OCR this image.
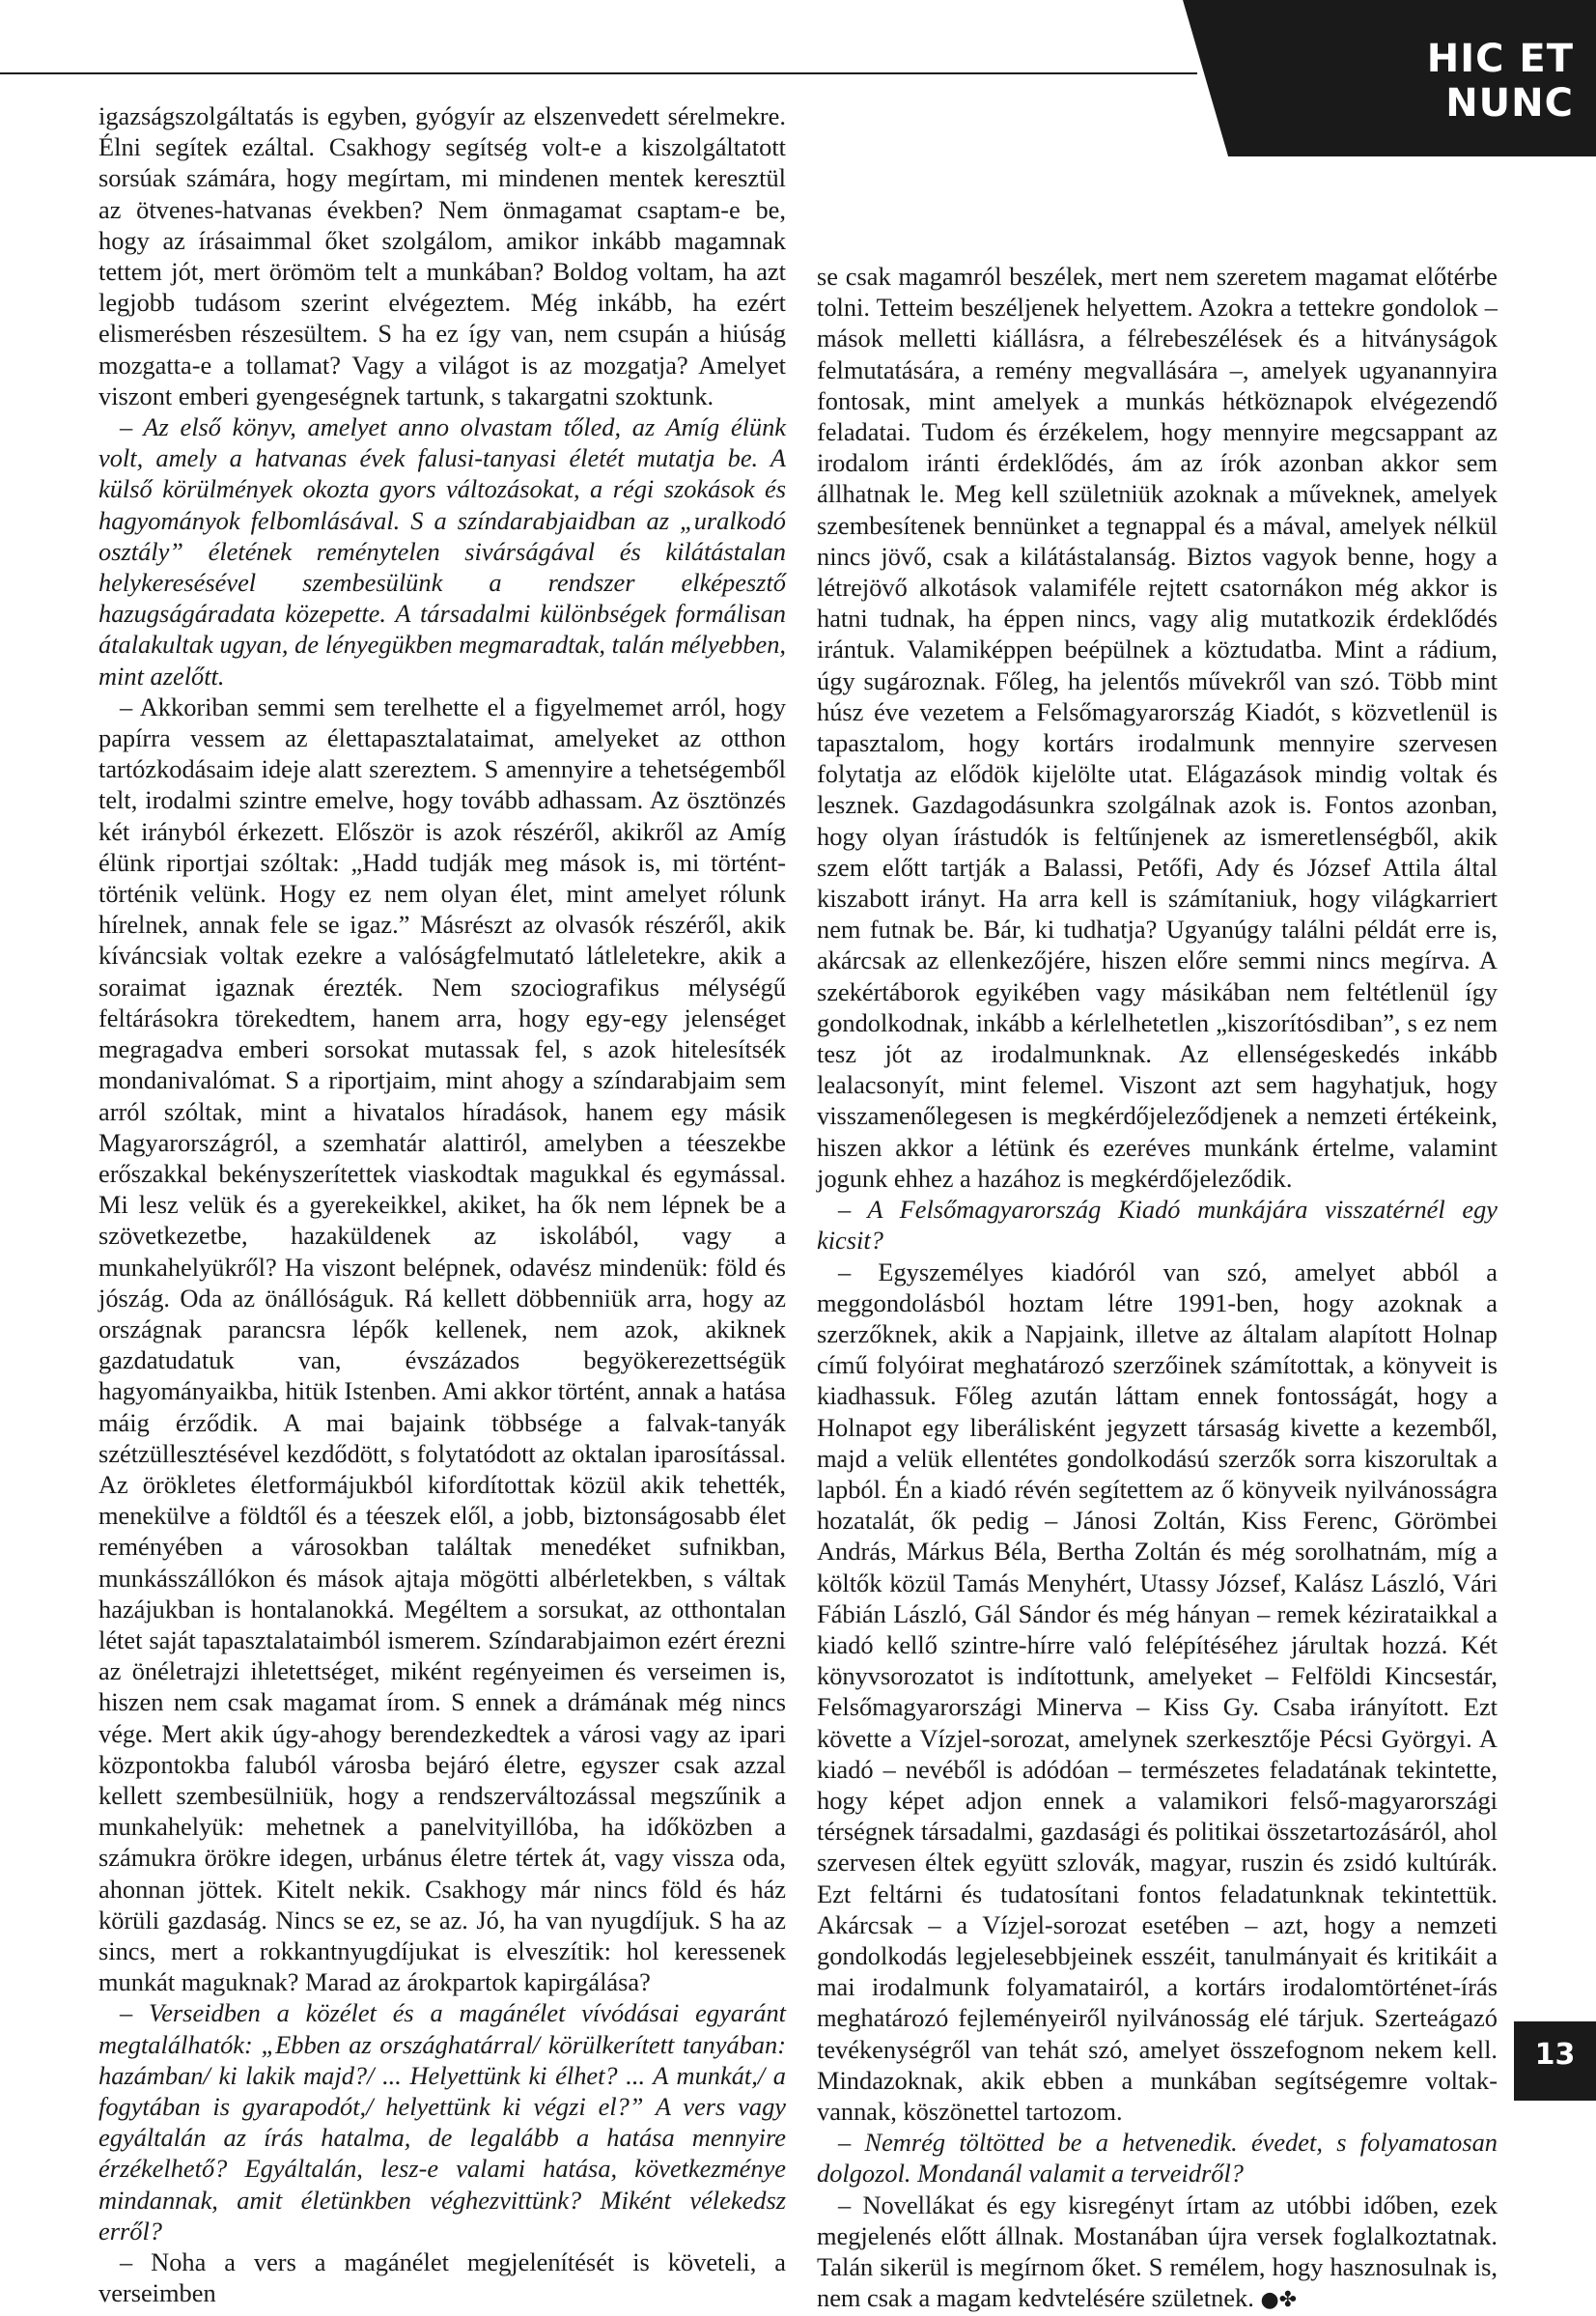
HIC ET NUNC

igazságszolgáltatás is egyben, gyógyír az elszenvedett sérelmekre. Élni segítek ezáltal. Csakhogy segítség volt-e a kiszolgáltatott sorsúak számára, hogy megírtam, mi mindenen mentek keresztül az ötvenes-hatvanas években? Nem önmagamat csaptam-e be, hogy az írásaimmal őket szolgálom, amikor inkább magamnak tettem jót, mert örömöm telt a munkában? Boldog voltam, ha azt legjobb tudásom szerint elvégeztem. Még inkább, ha ezért elismerésben részesültem. S ha ez így van, nem csupán a hiúság mozgatta-e a tollamat? Vagy a világot is az mozgatja? Amelyet viszont emberi gyengeségnek tartunk, s takargatni szoktunk.

– Az első könyv, amelyet anno olvastam tőled, az Amíg élünk volt, amely a hatvanas évek falusi-tanyasi életét mutatja be. A külső körülmények okozta gyors változásokat, a régi szokások és hagyományok felbomlásával. S a színdarabjaidban az „uralkodó osztály” életének reménytelen sivárságával és kilátástalan helykeresésével szembesülünk a rendszer elképesztő hazugságáradata közepette. A társadalmi különbségek formálisan átalakultak ugyan, de lényegükben megmaradtak, talán mélyebben, mint azelőtt.

– Akkoriban semmi sem terelhette el a figyelmemet arról, hogy papírra vessem az élettapasztalataimat, amelyeket az otthon tartózkodásaim ideje alatt szereztem. S amennyire a tehetségemből telt, irodalmi szintre emelve, hogy tovább adhassam. Az ösztönzés két irányból érkezett. Először is azok részéről, akikről az Amíg élünk riportjai szóltak: „Hadd tudják meg mások is, mi történt-történik velünk. Hogy ez nem olyan élet, mint amelyet rólunk hírelnek, annak fele se igaz.” Másrészt az olvasók részéről, akik kíváncsiak voltak ezekre a valóságfelmutató látleletekre, akik a soraimat igaznak érezték. Nem szociografikus mélységű feltárásokra törekedtem, hanem arra, hogy egy-egy jelenséget megragadva emberi sorsokat mutassak fel, s azok hitelesítsék mondanivalómat. S a riportjaim, mint ahogy a színdarabjaim sem arról szóltak, mint a hivatalos híradások, hanem egy másik Magyarországról, a szemhatár alattiról, amelyben a téeszekbe erőszakkal bekényszerítettek viaskodtak magukkal és egymással. Mi lesz velük és a gyerekeikkel, akiket, ha ők nem lépnek be a szövetkezetbe, hazaküldenek az iskolából, vagy a munkahelyükről? Ha viszont belépnek, odavész mindenük: föld és jószág. Oda az önállóságuk. Rá kellett döbbenniük arra, hogy az országnak parancsra lépők kellenek, nem azok, akiknek gazdatudatuk van, évszázados begyökerezettségük hagyományaikba, hitük Istenben. Ami akkor történt, annak a hatása máig érződik. A mai bajaink többsége a falvak-tanyák szétzüllesztésével kezdődött, s folytatódott az oktalan iparosítással. Az örökletes életformájukból kifordítottak közül akik tehették, menekülve a földtől és a téeszek elől, a jobb, biztonságosabb élet reményében a városokban találtak menedéket sufnikban, munkásszállókon és mások ajtaja mögötti albérletekben, s váltak hazájukban is hontalanokká. Megéltem a sorsukat, az otthontalan létet saját tapasztalataimból ismerem. Színdarabjaimon ezért érezni az önéletrajzi ihletettséget, miként regényeimen és verseimen is, hiszen nem csak magamat írom. S ennek a drámának még nincs vége. Mert akik úgy-ahogy berendezkedtek a városi vagy az ipari központokba faluból városba bejáró életre, egyszer csak azzal kellett szembesülniük, hogy a rendszerváltozással megszűnik a munkahelyük: mehetnek a panelvityillóba, ha időközben a számukra örökre idegen, urbánus életre tértek át, vagy vissza oda, ahonnan jöttek. Kitelt nekik. Csakhogy már nincs föld és ház körüli gazdaság. Nincs se ez, se az. Jó, ha van nyugdíjuk. S ha az sincs, mert a rokkantnyugdíjukat is elveszítik: hol keressenek munkát maguknak? Marad az árokpartok kapirgálása?

– Verseidben a közélet és a magánélet vívódásai egyaránt megtalálhatók: „Ebben az országhatárral/ körülkerített tanyában: hazámban/ ki lakik majd?/ ... Helyettünk ki élhet? ... A munkát,/ a fogytában is gyarapodót,/ helyettünk ki végzi el?” A vers vagy egyáltalán az írás hatalma, de legalább a hatása mennyire érzékelhető? Egyáltalán, lesz-e valami hatása, következménye mindannak, amit életünkben véghezvittünk? Miként vélekedsz erről?

– Noha a vers a magánélet megjelenítését is követeli, a verseimben

se csak magamról beszélek, mert nem szeretem magamat előtérbe tolni. Tetteim beszéljenek helyettem. Azokra a tettekre gondolok – mások melletti kiállásra, a félrebeszélések és a hitványságok felmutatására, a remény megvallására –, amelyek ugyanannyira fontosak, mint amelyek a munkás hétköznapok elvégezendő feladatai. Tudom és érzékelem, hogy mennyire megcsappant az irodalom iránti érdeklődés, ám az írók azonban akkor sem állhatnak le. Meg kell születniük azoknak a műveknek, amelyek szembesítenek bennünket a tegnappal és a mával, amelyek nélkül nincs jövő, csak a kilátástalanság. Biztos vagyok benne, hogy a létrejövő alkotások valamiféle rejtett csatornákon még akkor is hatni tudnak, ha éppen nincs, vagy alig mutatkozik érdeklődés irántuk. Valamiképpen beépülnek a köztudatba. Mint a rádium, úgy sugároznak. Főleg, ha jelentős művekről van szó. Több mint húsz éve vezetem a Felsőmagyarország Kiadót, s közvetlenül is tapasztalom, hogy kortárs irodalmunk mennyire szervesen folytatja az elődök kijelölte utat. Elágazások mindig voltak és lesznek. Gazdagodásunkra szolgálnak azok is. Fontos azonban, hogy olyan írástudók is feltűnjenek az ismeretlenségből, akik szem előtt tartják a Balassi, Petőfi, Ady és József Attila által kiszabott irányt. Ha arra kell is számítaniuk, hogy világkarriert nem futnak be. Bár, ki tudhatja? Ugyanúgy találni példát erre is, akárcsak az ellenkezőjére, hiszen előre semmi nincs megírva. A szekértáborok egyikében vagy másikában nem feltétlenül így gondolkodnak, inkább a kérlelhetetlen „kiszorítósdiban”, s ez nem tesz jót az irodalmunknak. Az ellenségeskedés inkább lealacsonyít, mint felemel. Viszont azt sem hagyhatjuk, hogy visszamenőlegesen is megkérdőjeleződjenek a nemzeti értékeink, hiszen akkor a létünk és ezeréves munkánk értelme, valamint jogunk ehhez a hazához is megkérdőjeleződik.

– A Felsőmagyarország Kiadó munkájára visszatérnél egy kicsit?

– Egyszemélyes kiadóról van szó, amelyet abból a meggondolásból hoztam létre 1991-ben, hogy azoknak a szerzőknek, akik a Napjaink, illetve az általam alapított Holnap című folyóirat meghatározó szerzőinek számítottak, a könyveit is kiadhassuk. Főleg azután láttam ennek fontosságát, hogy a Holnapot egy liberálisként jegyzett társaság kivette a kezemből, majd a velük ellentétes gondolkodású szerzők sorra kiszorultak a lapból. Én a kiadó révén segítettem az ő könyveik nyilvánosságra hozatalát, ők pedig – Jánosi Zoltán, Kiss Ferenc, Görömbei András, Márkus Béla, Bertha Zoltán és még sorolhatnám, míg a költők közül Tamás Menyhért, Utassy József, Kalász László, Vári Fábián László, Gál Sándor és még hányan – remek kézirataikkal a kiadó kellő szintre-hírre való felépítéséhez járultak hozzá. Két könyvsorozatot is indítottunk, amelyeket – Felföldi Kincsestár, Felsőmagyarországi Minerva – Kiss Gy. Csaba irányított. Ezt követte a Vízjel-sorozat, amelynek szerkesztője Pécsi Györgyi. A kiadó – nevéből is adódóan – természetes feladatának tekintette, hogy képet adjon ennek a valamikori felső-magyarországi térségnek társadalmi, gazdasági és politikai összetartozásáról, ahol szervesen éltek együtt szlovák, magyar, ruszin és zsidó kultúrák. Ezt feltárni és tudatosítani fontos feladatunknak tekintettük. Akárcsak – a Vízjel-sorozat esetében – azt, hogy a nemzeti gondolkodás legjelesebbjeinek esszéit, tanulmányait és kritikáit a mai irodalmunk folyamatairól, a kortárs irodalomtörténet-írás meghatározó fejleményeiről nyilvánosság elé tárjuk. Szerteágazó tevékenységről van tehát szó, amelyet összefognom nekem kell. Mindazoknak, akik ebben a munkában segítségemre voltak-vannak, köszönettel tartozom.

– Nemrég töltötted be a hetvenedik. évedet, s folyamatosan dolgozol. Mondanál valamit a terveidről?

– Novellákat és egy kisregényt írtam az utóbbi időben, ezek megjelenés előtt állnak. Mostanában újra versek foglalkoztatnak. Talán sikerül is megírnom őket. S remélem, hogy hasznosulnak is, nem csak a magam kedvtelésére születnek. ●✤

13
